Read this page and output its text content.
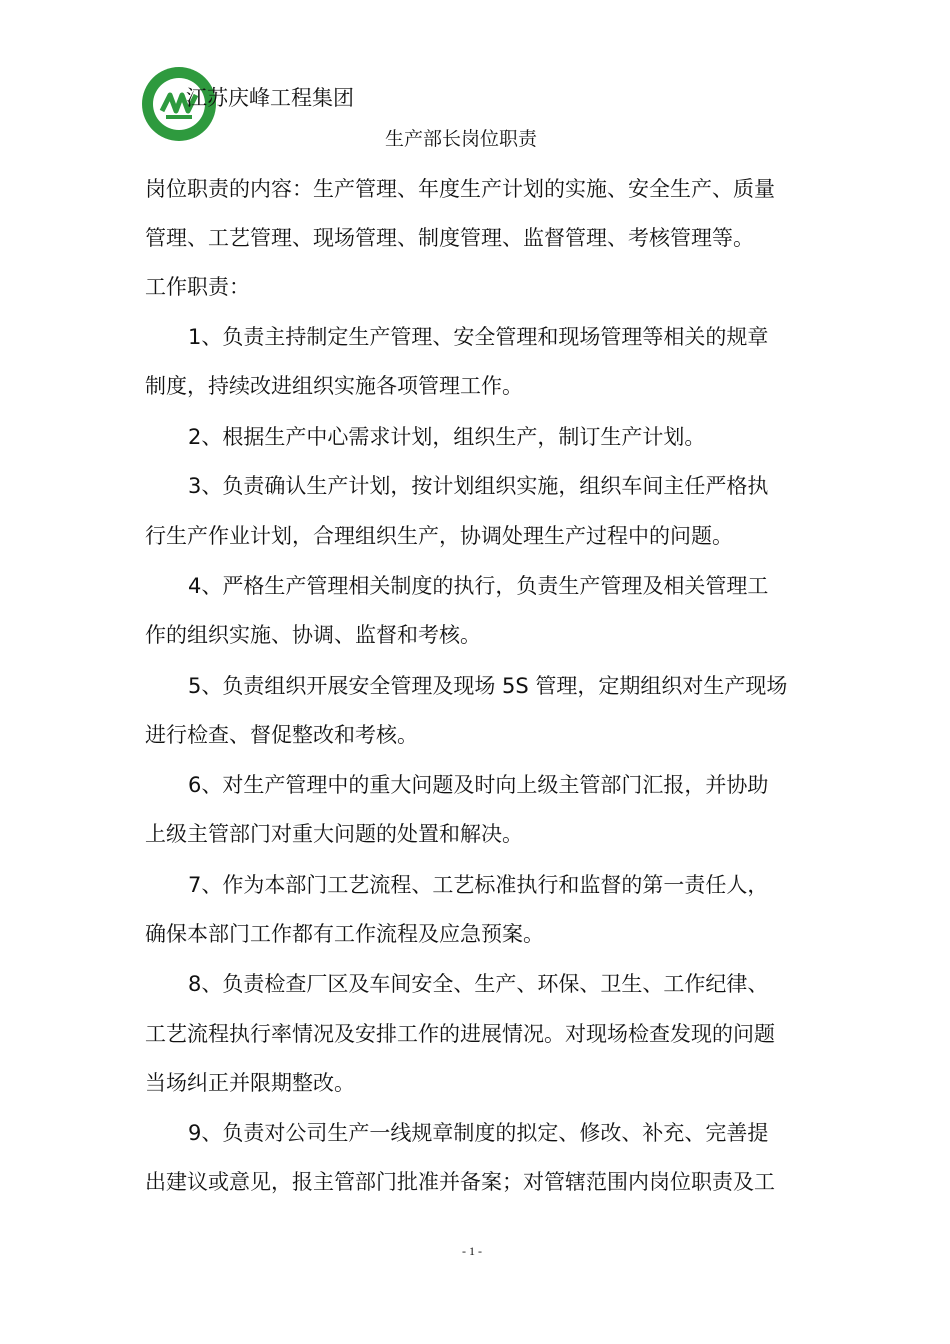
江苏庆峰工程集团
生产部长岗位职责
岗位职责的内容：生产管理、年度生产计划的实施、安全生产、质量
管理、工艺管理、现场管理、制度管理、监督管理、考核管理等。
工作职责：
1、负责主持制定生产管理、安全管理和现场管理等相关的规章
制度，持续改进组织实施各项管理工作。
2、根据生产中心需求计划，组织生产，制订生产计划。
3、负责确认生产计划，按计划组织实施，组织车间主任严格执
行生产作业计划，合理组织生产，协调处理生产过程中的问题。
4、严格生产管理相关制度的执行，负责生产管理及相关管理工
作的组织实施、协调、监督和考核。
5、负责组织开展安全管理及现场 5S 管理，定期组织对生产现场
进行检查、督促整改和考核。
6、对生产管理中的重大问题及时向上级主管部门汇报，并协助
上级主管部门对重大问题的处置和解决。
7、作为本部门工艺流程、工艺标准执行和监督的第一责任人，
确保本部门工作都有工作流程及应急预案。
8、负责检查厂区及车间安全、生产、环保、卫生、工作纪律、
工艺流程执行率情况及安排工作的进展情况。对现场检查发现的问题
当场纠正并限期整改。
9、负责对公司生产一线规章制度的拟定、修改、补充、完善提
出建议或意见，报主管部门批准并备案；对管辖范围内岗位职责及工
- 1 -
